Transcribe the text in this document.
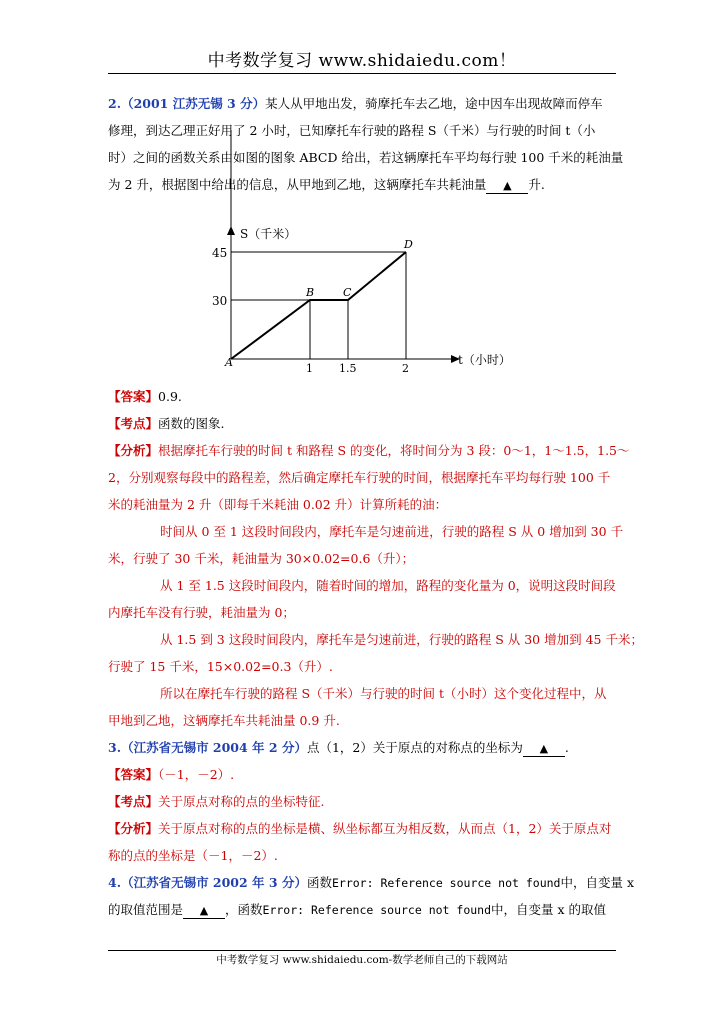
中考数学复习 www.shidaiedu.com！
2.（2001 江苏无锡 3 分）某人从甲地出发，骑摩托车去乙地，途中因车出现故障而停车
修理，到达乙理正好用了 2 小时，已知摩托车行驶的路程 S（千米）与行驶的时间 t（小
时）之间的函数关系由如图的图象 ABCD 给出，若这辆摩托车平均每行驶 100 千米的耗油量
为 2 升，根据图中给出的信息，从甲地到乙地，这辆摩托车共耗油量 ▲ 升.
45
30
1 1.5	2
A
B	C
D
S（千米）
t（小时）
【答案】0.9.
【考点】函数的图象.
【分析】根据摩托车行驶的时间 t 和路程 S 的变化，将时间分为 3 段：0～1，1～1.5，1.5～
2，分别观察每段中的路程差，然后确定摩托车行驶的时间，根据摩托车平均每行驶 100 千
米的耗油量为 2 升（即每千米耗油 0.02 升）计算所耗的油：
时间从 0 至 1 这段时间段内，摩托车是匀速前进，行驶的路程 S 从 0 增加到 30 千
米，行驶了 30 千米，耗油量为 30×0.02=0.6（升）；
从 1 至 1.5 这段时间段内，随着时间的增加，路程的变化量为 0，说明这段时间段
内摩托车没有行驶，耗油量为 0；
从 1.5 到 3 这段时间段内，摩托车是匀速前进，行驶的路程 S 从 30 增加到 45 千米；
行驶了 15 千米，15×0.02=0.3（升）.
所以在摩托车行驶的路程 S（千米）与行驶的时间 t（小时）这个变化过程中，从
甲地到乙地，这辆摩托车共耗油量 0.9 升.
3.（江苏省无锡市 2004 年 2 分）点（1，2）关于原点的对称点的坐标为 ▲ .
【答案】（－1，－2）.
【考点】关于原点对称的点的坐标特征.
【分析】关于原点对称的点的坐标是横、纵坐标都互为相反数，从而点（1，2）关于原点对
称的点的坐标是（－1，－2）.
4.（江苏省无锡市 2002 年 3 分）函数Error: Reference source not found中，自变量 x
的取值范围是 ▲ ，函数Error: Reference source not found中，自变量 x 的取值
中考数学复习 www.shidaiedu.com-数学老师自己的下载网站
